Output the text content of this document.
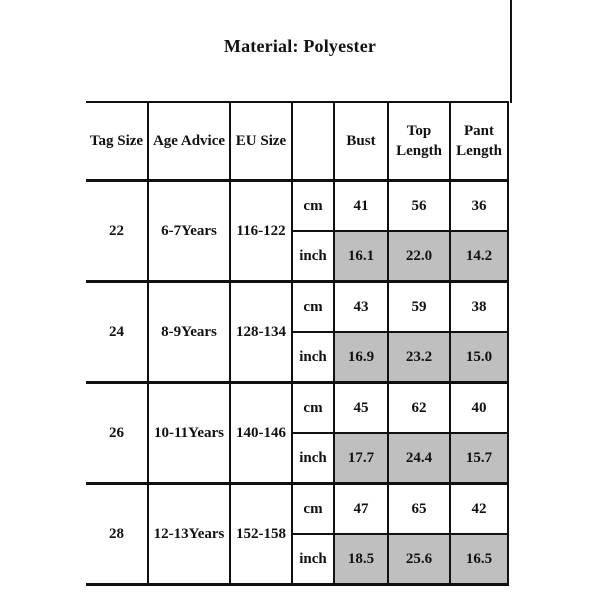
Material: Polyester
Tag Size	Age Advice	EU Size		Bust	Top Length	Pant Length
22	6-7Years	116-122	cm	41	56	36
			inch	16.1	22.0	14.2
24	8-9Years	128-134	cm	43	59	38
			inch	16.9	23.2	15.0
26	10-11Years	140-146	cm	45	62	40
			inch	17.7	24.4	15.7
28	12-13Years	152-158	cm	47	65	42
			inch	18.5	25.6	16.5
